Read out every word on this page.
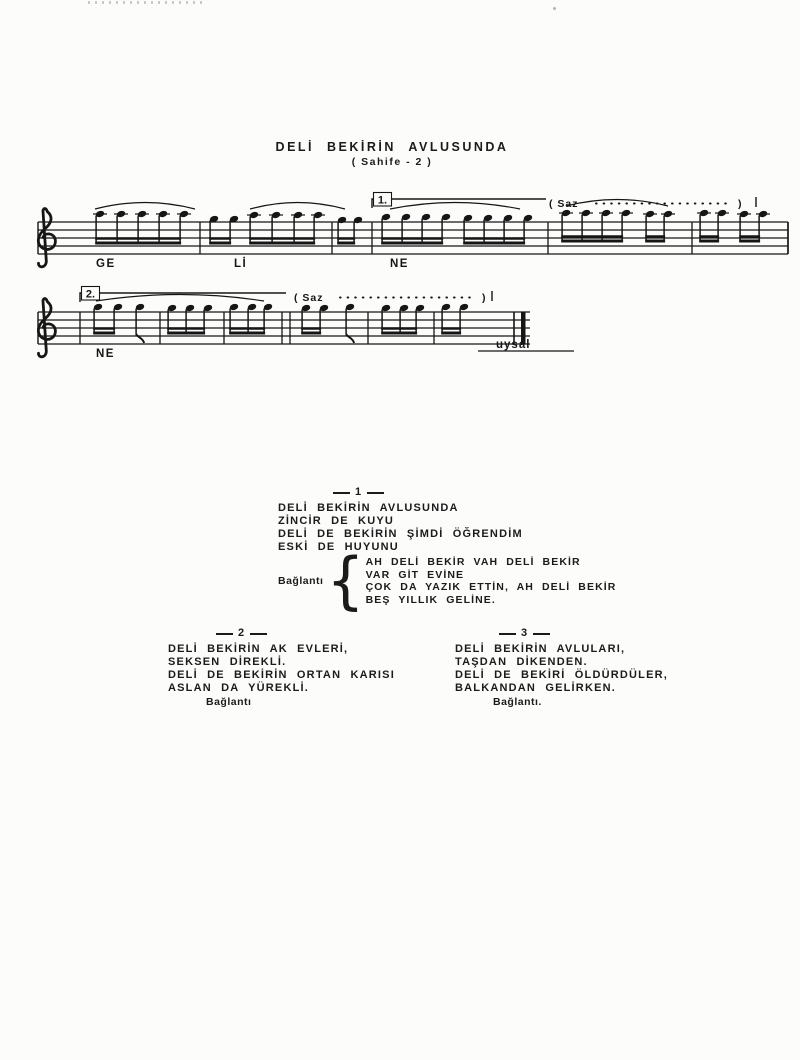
DELİ BEKİRİN AVLUSUNDA
( Sahife - 2 )
1.	( Saz	)
GE	Lİ	NE
2.	( Saz	)
NE
uysal
1
DELİ BEKİRİN AVLUSUNDA
ZİNCİR DE KUYU
DELİ DE BEKİRİN ŞİMDİ ÖĞRENDİM
ESKİ DE HUYUNU
Bağlantı { AH DELİ BEKİR VAH DELİ BEKİR
VAR GİT EVİNE
ÇOK DA YAZIK ETTİN, AH DELİ BEKİR
BEŞ YILLIK GELİNE.
2
DELİ BEKİRİN AK EVLERİ,
SEKSEN DİREKLİ.
DELİ DE BEKİRİN ORTAN KARISI
ASLAN DA YÜREKLİ.
Bağlantı
3
DELİ BEKİRİN AVLULARI,
TAŞDAN DİKENDEN.
DELİ DE BEKİRİ ÖLDÜRDÜLER,
BALKANDAN GELİRKEN.
Bağlantı.
